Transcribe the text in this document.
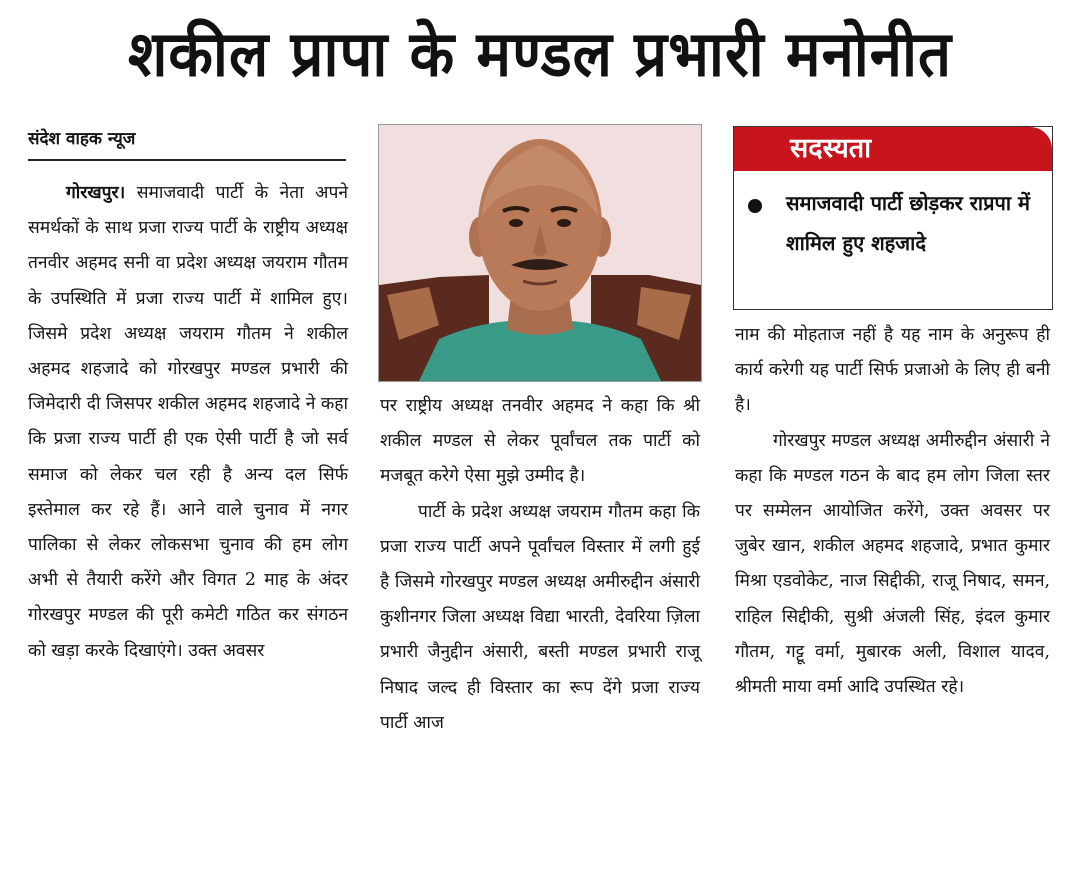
शकील प्रापा के मण्डल प्रभारी मनोनीत
संदेश वाहक न्यूज	सदस्यता
समाजवादी पार्टी छोड़कर राप्रपा में शामिल हुए शहजादे

गोरखपुर। समाजवादी पार्टी के नेता अपने समर्थकों के साथ प्रजा राज्य पार्टी के राष्ट्रीय अध्यक्ष तनवीर अहमद सनी वा प्रदेश अध्यक्ष जयराम गौतम के उपस्थिति में प्रजा राज्य पार्टी में शामिल हुए। जिसमे प्रदेश अध्यक्ष जयराम गौतम ने शकील अहमद शहजादे को गोरखपुर मण्डल प्रभारी की जिमेदारी दी जिसपर शकील अहमद शहजादे ने कहा कि प्रजा राज्य पार्टी ही एक ऐसी पार्टी है जो सर्व समाज को लेकर चल रही है अन्य दल सिर्फ इस्तेमाल कर रहे हैं। आने वाले चुनाव में नगर पालिका से लेकर लोकसभा चुनाव की हम लोग अभी से तैयारी करेंगे और विगत 2 माह के अंदर गोरखपुर मण्डल की पूरी कमेटी गठित कर संगठन को खड़ा करके दिखाएंगे। उक्त अवसर

पर राष्ट्रीय अध्यक्ष तनवीर अहमद ने कहा कि श्री शकील मण्डल से लेकर पूर्वांचल तक पार्टी को मजबूत करेगे ऐसा मुझे उम्मीद है।

पार्टी के प्रदेश अध्यक्ष जयराम गौतम कहा कि प्रजा राज्य पार्टी अपने पूर्वांचल विस्तार में लगी हुई है जिसमे गोरखपुर मण्डल अध्यक्ष अमीरुद्दीन अंसारी कुशीनगर जिला अध्यक्ष विद्या भारती, देवरिया ज़िला प्रभारी जैनुद्दीन अंसारी, बस्ती मण्डल प्रभारी राजू निषाद जल्द ही विस्तार का रूप देंगे प्रजा राज्य पार्टी आज

नाम की मोहताज नहीं है यह नाम के अनुरूप ही कार्य करेगी यह पार्टी सिर्फ प्रजाओ के लिए ही बनी है।

गोरखपुर मण्डल अध्यक्ष अमीरुद्दीन अंसारी ने कहा कि मण्डल गठन के बाद हम लोग जिला स्तर पर सम्मेलन आयोजित करेंगे, उक्त अवसर पर जुबेर खान, शकील अहमद शहजादे, प्रभात कुमार मिश्रा एडवोकेट, नाज सिद्दीकी, राजू निषाद, समन, राहिल सिद्दीकी, सुश्री अंजली सिंह, इंदल कुमार गौतम, गट्टू वर्मा, मुबारक अली, विशाल यादव, श्रीमती माया वर्मा आदि उपस्थित रहे।
